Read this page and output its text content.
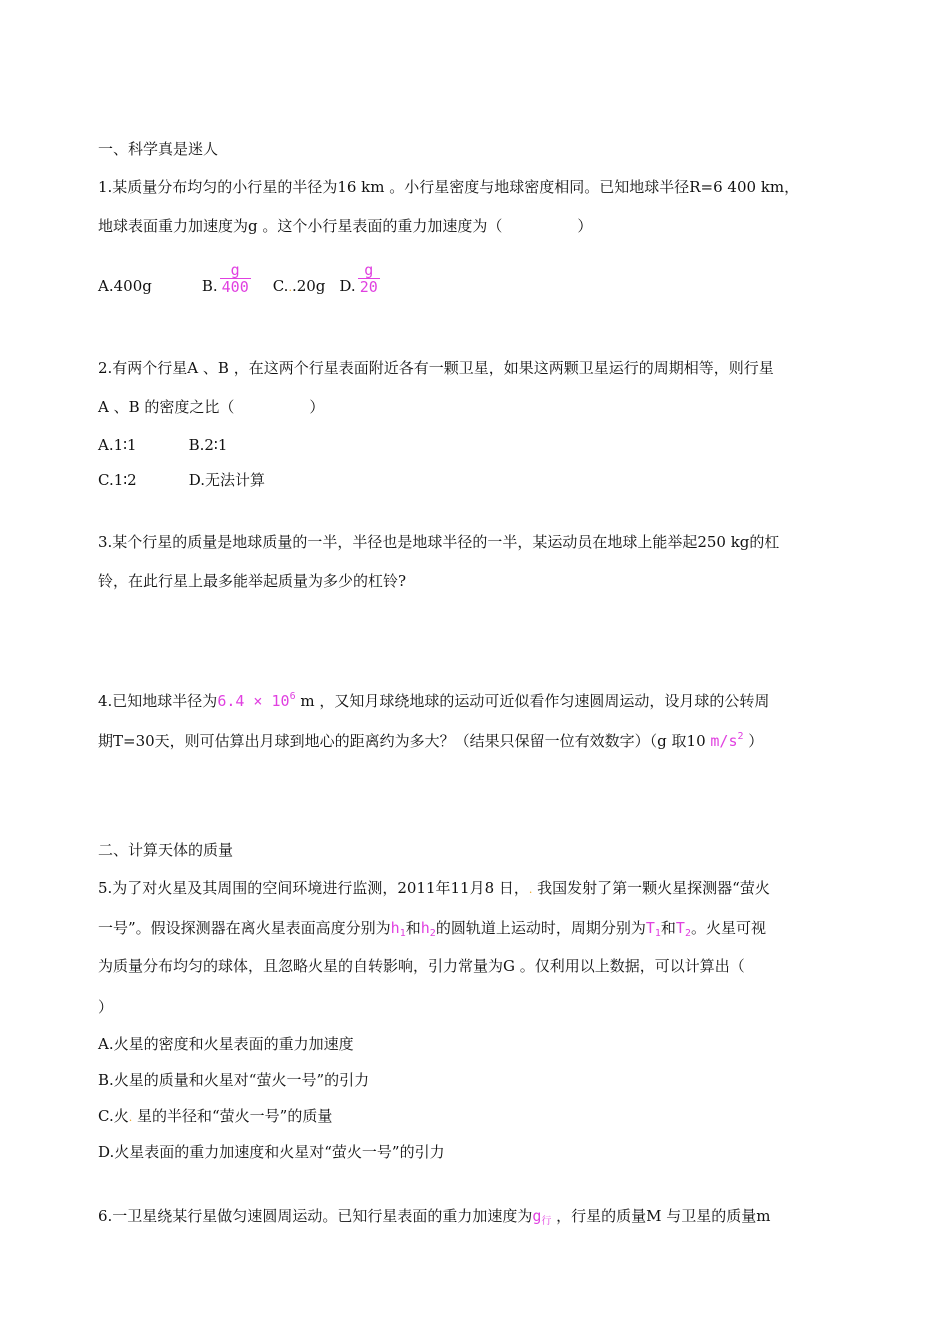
一、科学真是迷人
1.某质量分布均匀的小行星的半径为16 km 。小行星密度与地球密度相同。已知地球半径R=6 400 km，
地球表面重力加速度为g 。这个小行星表面的重力加速度为（　　　　　）
A.400g	B. $\frac{g}{400} C...20g$ D. $\frac{g}{20}$
2.有两个行星A 、B ，在这两个行星表面附近各有一颗卫星，如果这两颗卫星运行的周期相等，则行星
A 、B 的密度之比（　　　　　）
A.1∶1	B.2∶1
C.1∶2	D.无法计算
3.某个行星的质量是地球质量的一半，半径也是地球半径的一半，某运动员在地球上能举起250 kg的杠
铃，在此行星上最多能举起质量为多少的杠铃?
4.已知地球半径为$6.4 \times 10^6$ m ，又知月球绕地球的运动可近似看作匀速圆周运动，设月球的公转周
期T=30天，则可估算出月球到地心的距离约为多大？（结果只保留一位有效数字）（g 取10 $m/s^2$ ）
二、计算天体的质量
5.为了对火星及其周围的空间环境进行监测，2011年11月8 日，. 我国发射了第一颗火星探测器“萤火
一号”。假设探测器在离火星表面高度分别为$h_1$和$h_2$的圆轨道上运动时，周期分别为$T_1$和$T_2$。火星可视
为质量分布均匀的球体，且忽略火星的自转影响，引力常量为G 。仅利用以上数据，可以计算出（
）
A.火星的密度和火星表面的重力加速度
B.火星的质量和火星对“萤火一号”的引力
C.火. 星的半径和“萤火一号”的质量
D.火星表面的重力加速度和火星对“萤火一号”的引力
6.一卫星绕某行星做匀速圆周运动。已知行星表面的重力加速度为$g_行$ ，行星的质量M 与卫星的质量m
